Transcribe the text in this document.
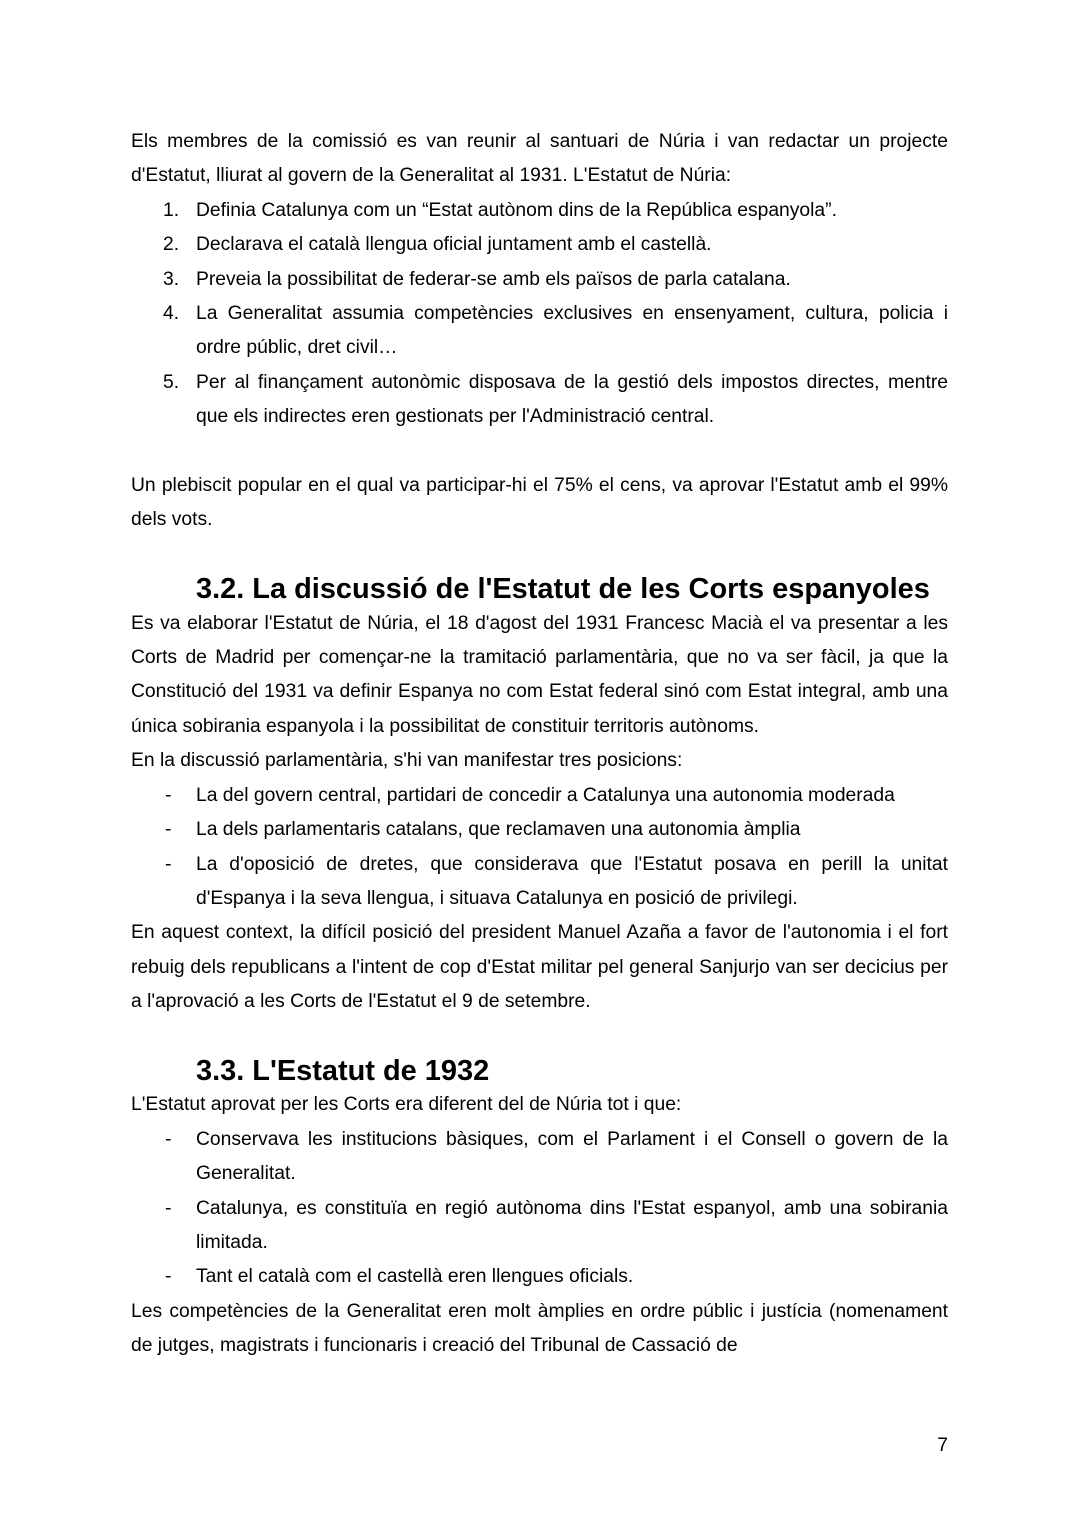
Els membres de la comissió es van reunir al santuari de Núria i van redactar un projecte d'Estatut, lliurat al govern de la Generalitat al 1931. L'Estatut de Núria:

1. Definia Catalunya com un “Estat autònom dins de la República espanyola”.
2. Declarava el català llengua oficial juntament amb el castellà.
3. Preveia la possibilitat de federar-se amb els països de parla catalana.
4. La Generalitat assumia competències exclusives en ensenyament, cultura, policia i ordre públic, dret civil…
5. Per al finançament autonòmic disposava de la gestió dels impostos directes, mentre que els indirectes eren gestionats per l'Administració central.

Un plebiscit popular en el qual va participar-hi el 75% el cens, va aprovar l'Estatut amb el 99% dels vots.

3.2. La discussió de l'Estatut de les Corts espanyoles

Es va elaborar l'Estatut de Núria, el 18 d'agost del 1931 Francesc Macià el va presentar a les Corts de Madrid per començar-ne la tramitació parlamentària, que no va ser fàcil, ja que la Constitució del 1931 va definir Espanya no com Estat federal sinó com Estat integral, amb una única sobirania espanyola i la possibilitat de constituir territoris autònoms.

En la discussió parlamentària, s'hi van manifestar tres posicions:

- La del govern central, partidari de concedir a Catalunya una autonomia moderada
- La dels parlamentaris catalans, que reclamaven una autonomia àmplia
- La d'oposició de dretes, que considerava que l'Estatut posava en perill la unitat d'Espanya i la seva llengua, i situava Catalunya en posició de privilegi.

En aquest context, la difícil posició del president Manuel Azaña a favor de l'autonomia i el fort rebuig dels republicans a l'intent de cop d'Estat militar pel general Sanjurjo van ser decicius per a l'aprovació a les Corts de l'Estatut el 9 de setembre.

3.3. L'Estatut de 1932

L'Estatut aprovat per les Corts era diferent del de Núria tot i que:

- Conservava les institucions bàsiques, com el Parlament i el Consell o govern de la Generalitat.
- Catalunya, es constituïa en regió autònoma dins l'Estat espanyol, amb una sobirania limitada.
- Tant el català com el castellà eren llengues oficials.

Les competències de la Generalitat eren molt àmplies en ordre públic i justícia (nomenament de jutges, magistrats i funcionaris i creació del Tribunal de Cassació de

7
